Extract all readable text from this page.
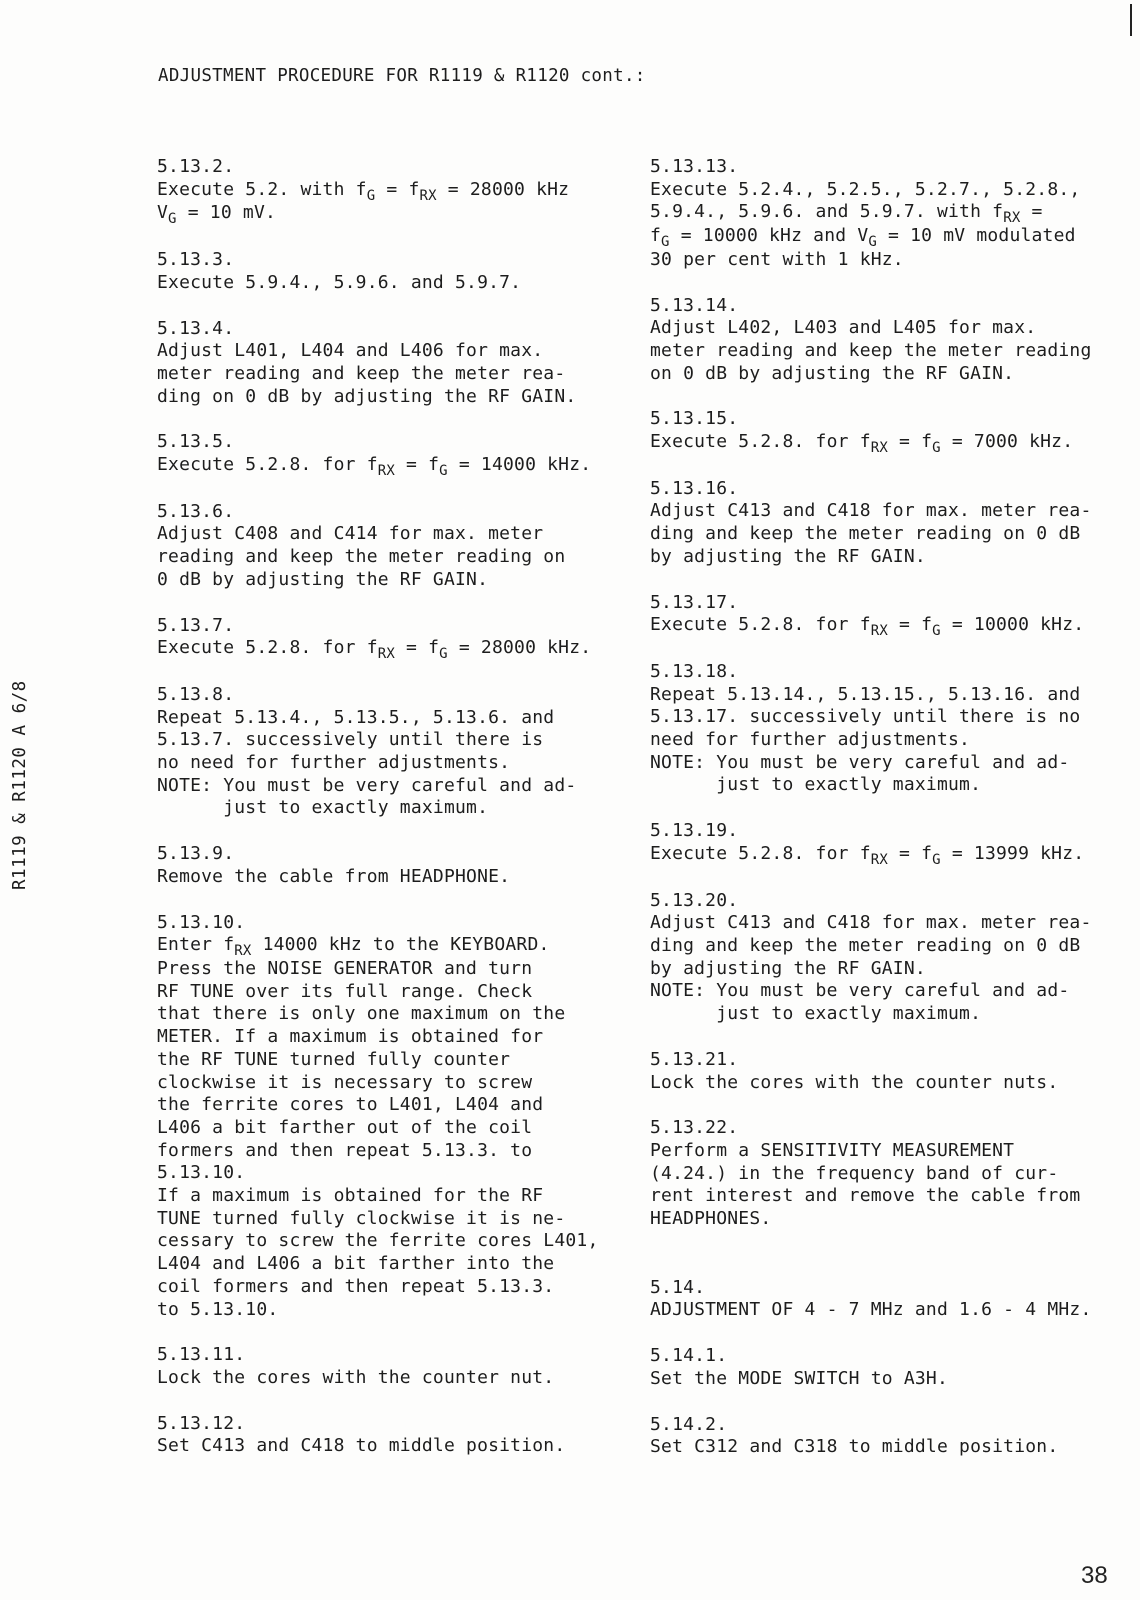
ADJUSTMENT PROCEDURE FOR R1119 & R1120 cont.:
R1119 & R1120 A 6/8
5.13.2.
Execute 5.2. with $f_G = f_{RX} = 28000$ kHz
$V_G = 10$ mV.
5.13.3.
Execute 5.9.4., 5.9.6. and 5.9.7.
5.13.4.
Adjust L401, L404 and L406 for max.
meter reading and keep the meter rea-
ding on 0 dB by adjusting the RF GAIN.
5.13.5.
Execute 5.2.8. for $f_{RX} = f_G = 14000$ kHz.
5.13.6.
Adjust C408 and C414 for max. meter
reading and keep the meter reading on
0 dB by adjusting the RF GAIN.
5.13.7.
Execute 5.2.8. for $f_{RX} = f_G = 28000$ kHz.
5.13.8.
Repeat 5.13.4., 5.13.5., 5.13.6. and
5.13.7. successively until there is
no need for further adjustments.
NOTE: You must be very careful and ad-
just to exactly maximum.
5.13.9.
Remove the cable from HEADPHONE.
5.13.10.
Enter $f_{RX}$ 14000 kHz to the KEYBOARD.
Press the NOISE GENERATOR and turn
RF TUNE over its full range. Check
that there is only one maximum on the
METER. If a maximum is obtained for
the RF TUNE turned fully counter
clockwise it is necessary to screw
the ferrite cores to L401, L404 and
L406 a bit farther out of the coil
formers and then repeat 5.13.3. to
5.13.10.
If a maximum is obtained for the RF
TUNE turned fully clockwise it is ne-
cessary to screw the ferrite cores L401,
L404 and L406 a bit farther into the
coil formers and then repeat 5.13.3.
to 5.13.10.
5.13.11.
Lock the cores with the counter nut.
5.13.12.
Set C413 and C418 to middle position.
5.13.13.
Execute 5.2.4., 5.2.5., 5.2.7., 5.2.8.,
5.9.4., 5.9.6. and 5.9.7. with $f_{RX}$ =
$f_G = 10000$ kHz and $V_G = 10$ mV modulated
30 per cent with 1 kHz.
5.13.14.
Adjust L402, L403 and L405 for max.
meter reading and keep the meter reading
on 0 dB by adjusting the RF GAIN.
5.13.15.
Execute 5.2.8. for $f_{RX} = f_G = 7000$ kHz.
5.13.16.
Adjust C413 and C418 for max. meter rea-
ding and keep the meter reading on 0 dB
by adjusting the RF GAIN.
5.13.17.
Execute 5.2.8. for $f_{RX} = f_G = 10000$ kHz.
5.13.18.
Repeat 5.13.14., 5.13.15., 5.13.16. and
5.13.17. successively until there is no
need for further adjustments.
NOTE: You must be very careful and ad-
just to exactly maximum.
5.13.19.
Execute 5.2.8. for $f_{RX} = f_G = 13999$ kHz.
5.13.20.
Adjust C413 and C418 for max. meter rea-
ding and keep the meter reading on 0 dB
by adjusting the RF GAIN.
NOTE: You must be very careful and ad-
just to exactly maximum.
5.13.21.
Lock the cores with the counter nuts.
5.13.22.
Perform a SENSITIVITY MEASUREMENT
(4.24.) in the frequency band of cur-
rent interest and remove the cable from
HEADPHONES.
5.14.
ADJUSTMENT OF 4 - 7 MHz and 1.6 - 4 MHz.
5.14.1.
Set the MODE SWITCH to A3H.
5.14.2.
Set C312 and C318 to middle position.
38
